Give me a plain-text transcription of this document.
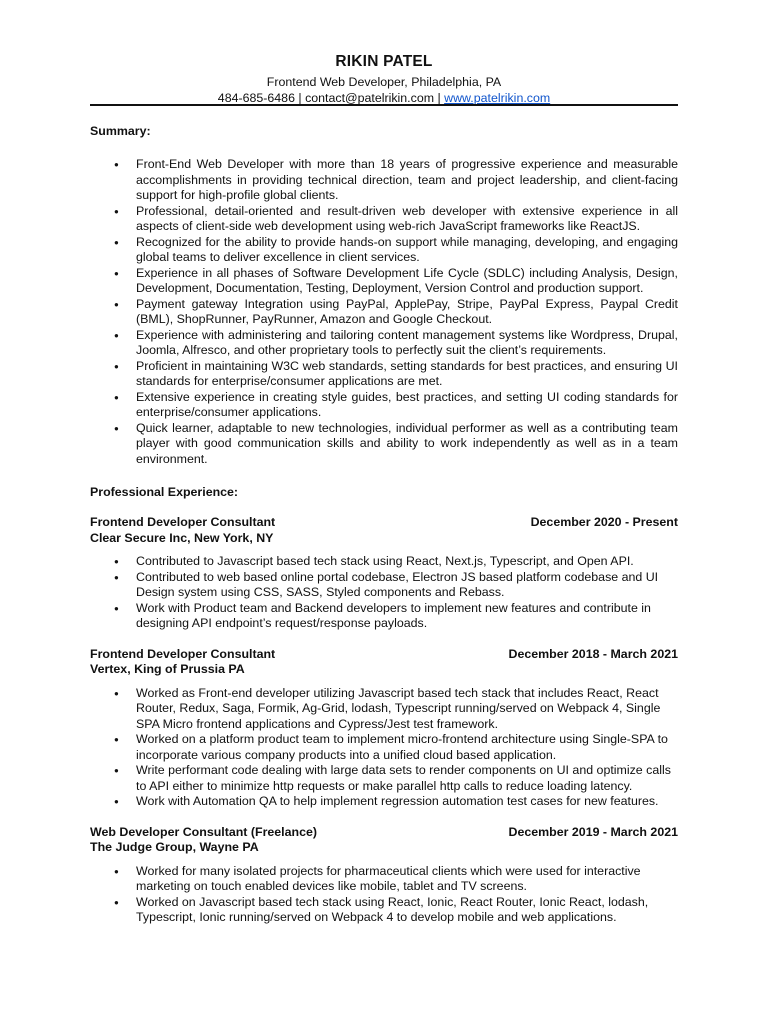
RIKIN PATEL
Frontend Web Developer, Philadelphia, PA
484-685-6486 | contact@patelrikin.com | www.patelrikin.com
Summary:
● Front-End Web Developer with more than 18 years of progressive experience and measurable accomplishments in providing technical direction, team and project leadership, and client-facing support for high-profile global clients.
● Professional, detail-oriented and result-driven web developer with extensive experience in all aspects of client-side web development using web-rich JavaScript frameworks like ReactJS.
● Recognized for the ability to provide hands-on support while managing, developing, and engaging global teams to deliver excellence in client services.
● Experience in all phases of Software Development Life Cycle (SDLC) including Analysis, Design, Development, Documentation, Testing, Deployment, Version Control and production support.
● Payment gateway Integration using PayPal, ApplePay, Stripe, PayPal Express, Paypal Credit (BML), ShopRunner, PayRunner, Amazon and Google Checkout.
● Experience with administering and tailoring content management systems like Wordpress, Drupal, Joomla, Alfresco, and other proprietary tools to perfectly suit the client’s requirements.
● Proficient in maintaining W3C web standards, setting standards for best practices, and ensuring UI standards for enterprise/consumer applications are met.
● Extensive experience in creating style guides, best practices, and setting UI coding standards for enterprise/consumer applications.
● Quick learner, adaptable to new technologies, individual performer as well as a contributing team player with good communication skills and ability to work independently as well as in a team environment.
Professional Experience:
Frontend Developer Consultant	December 2020 - Present
Clear Secure Inc, New York, NY
● Contributed to Javascript based tech stack using React, Next.js, Typescript, and Open API.
● Contributed to web based online portal codebase, Electron JS based platform codebase and UI Design system using CSS, SASS, Styled components and Rebass.
● Work with Product team and Backend developers to implement new features and contribute in designing API endpoint’s request/response payloads.
Frontend Developer Consultant	December 2018 - March 2021
Vertex, King of Prussia PA
● Worked as Front-end developer utilizing Javascript based tech stack that includes React, React Router, Redux, Saga, Formik, Ag-Grid, lodash, Typescript running/served on Webpack 4, Single SPA Micro frontend applications and Cypress/Jest test framework.
● Worked on a platform product team to implement micro-frontend architecture using Single-SPA to incorporate various company products into a unified cloud based application.
● Write performant code dealing with large data sets to render components on UI and optimize calls to API either to minimize http requests or make parallel http calls to reduce loading latency.
● Work with Automation QA to help implement regression automation test cases for new features.
Web Developer Consultant (Freelance)	December 2019 - March 2021
The Judge Group, Wayne PA
● Worked for many isolated projects for pharmaceutical clients which were used for interactive marketing on touch enabled devices like mobile, tablet and TV screens.
● Worked on Javascript based tech stack using React, Ionic, React Router, Ionic React, lodash, Typescript, Ionic running/served on Webpack 4 to develop mobile and web applications.
